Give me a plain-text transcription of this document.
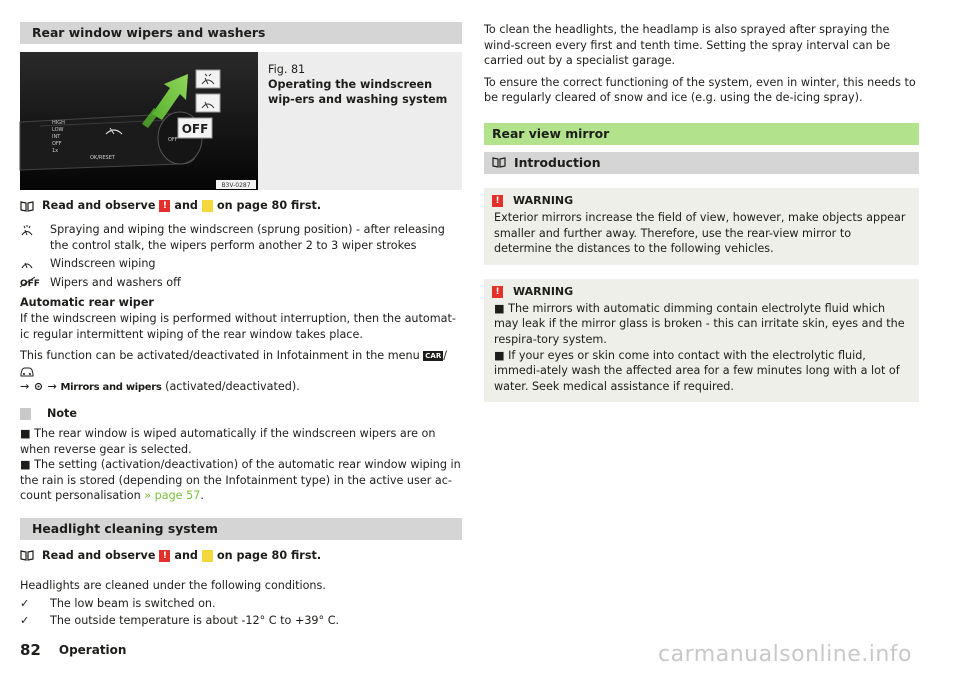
Rear window wipers and washers
HIGH
LOW
INT
OFF
1x
OK/RESET
OFF
OFF
B3V-0287
Fig. 81
Operating the windscreen wip-ers and washing system
Read and observe ! and on page 80 first.
Spraying and wiping the windscreen (sprung position) - after releasing the control stalk, the wipers perform another 2 to 3 wiper strokes
Windscreen wiping
OFF Wipers and washers off

Automatic rear wiper

If the windscreen wiping is performed without interruption, then the automat-ic regular intermittent wiping of the rear window takes place.

This function can be activated/deactivated in Infotainment in the menu CAR /

→ → Mirrors and wipers (activated/deactivated).

Note

■ The rear window is wiped automatically if the windscreen wipers are on when reverse gear is selected.

■ The setting (activation/deactivation) of the automatic rear window wiping in the rain is stored (depending on the Infotainment type) in the active user ac-count personalisation » page 57.

Headlight cleaning system
Read and observe ! and on page 80 first.

Headlights are cleaned under the following conditions.

✓	The low beam is switched on.
✓	The outside temperature is about -12° C to +39° C.

To clean the headlights, the headlamp is also sprayed after spraying the wind-screen every first and tenth time. Setting the spray interval can be carried out by a specialist garage.

To ensure the correct functioning of the system, even in winter, this needs to be regularly cleared of snow and ice (e.g. using the de-icing spray).

Rear view mirror
Introduction
!	WARNING

Exterior mirrors increase the field of view, however, make objects appear smaller and further away. Therefore, use the rear-view mirror to determine the distances to the following vehicles.

!	WARNING

■ The mirrors with automatic dimming contain electrolyte fluid which may leak if the mirror glass is broken - this can irritate skin, eyes and the respira-tory system.

■ If your eyes or skin come into contact with the electrolytic fluid, immedi-ately wash the affected area for a few minutes long with a lot of water. Seek medical assistance if required.

82 Operation	carmanualsonline.info
